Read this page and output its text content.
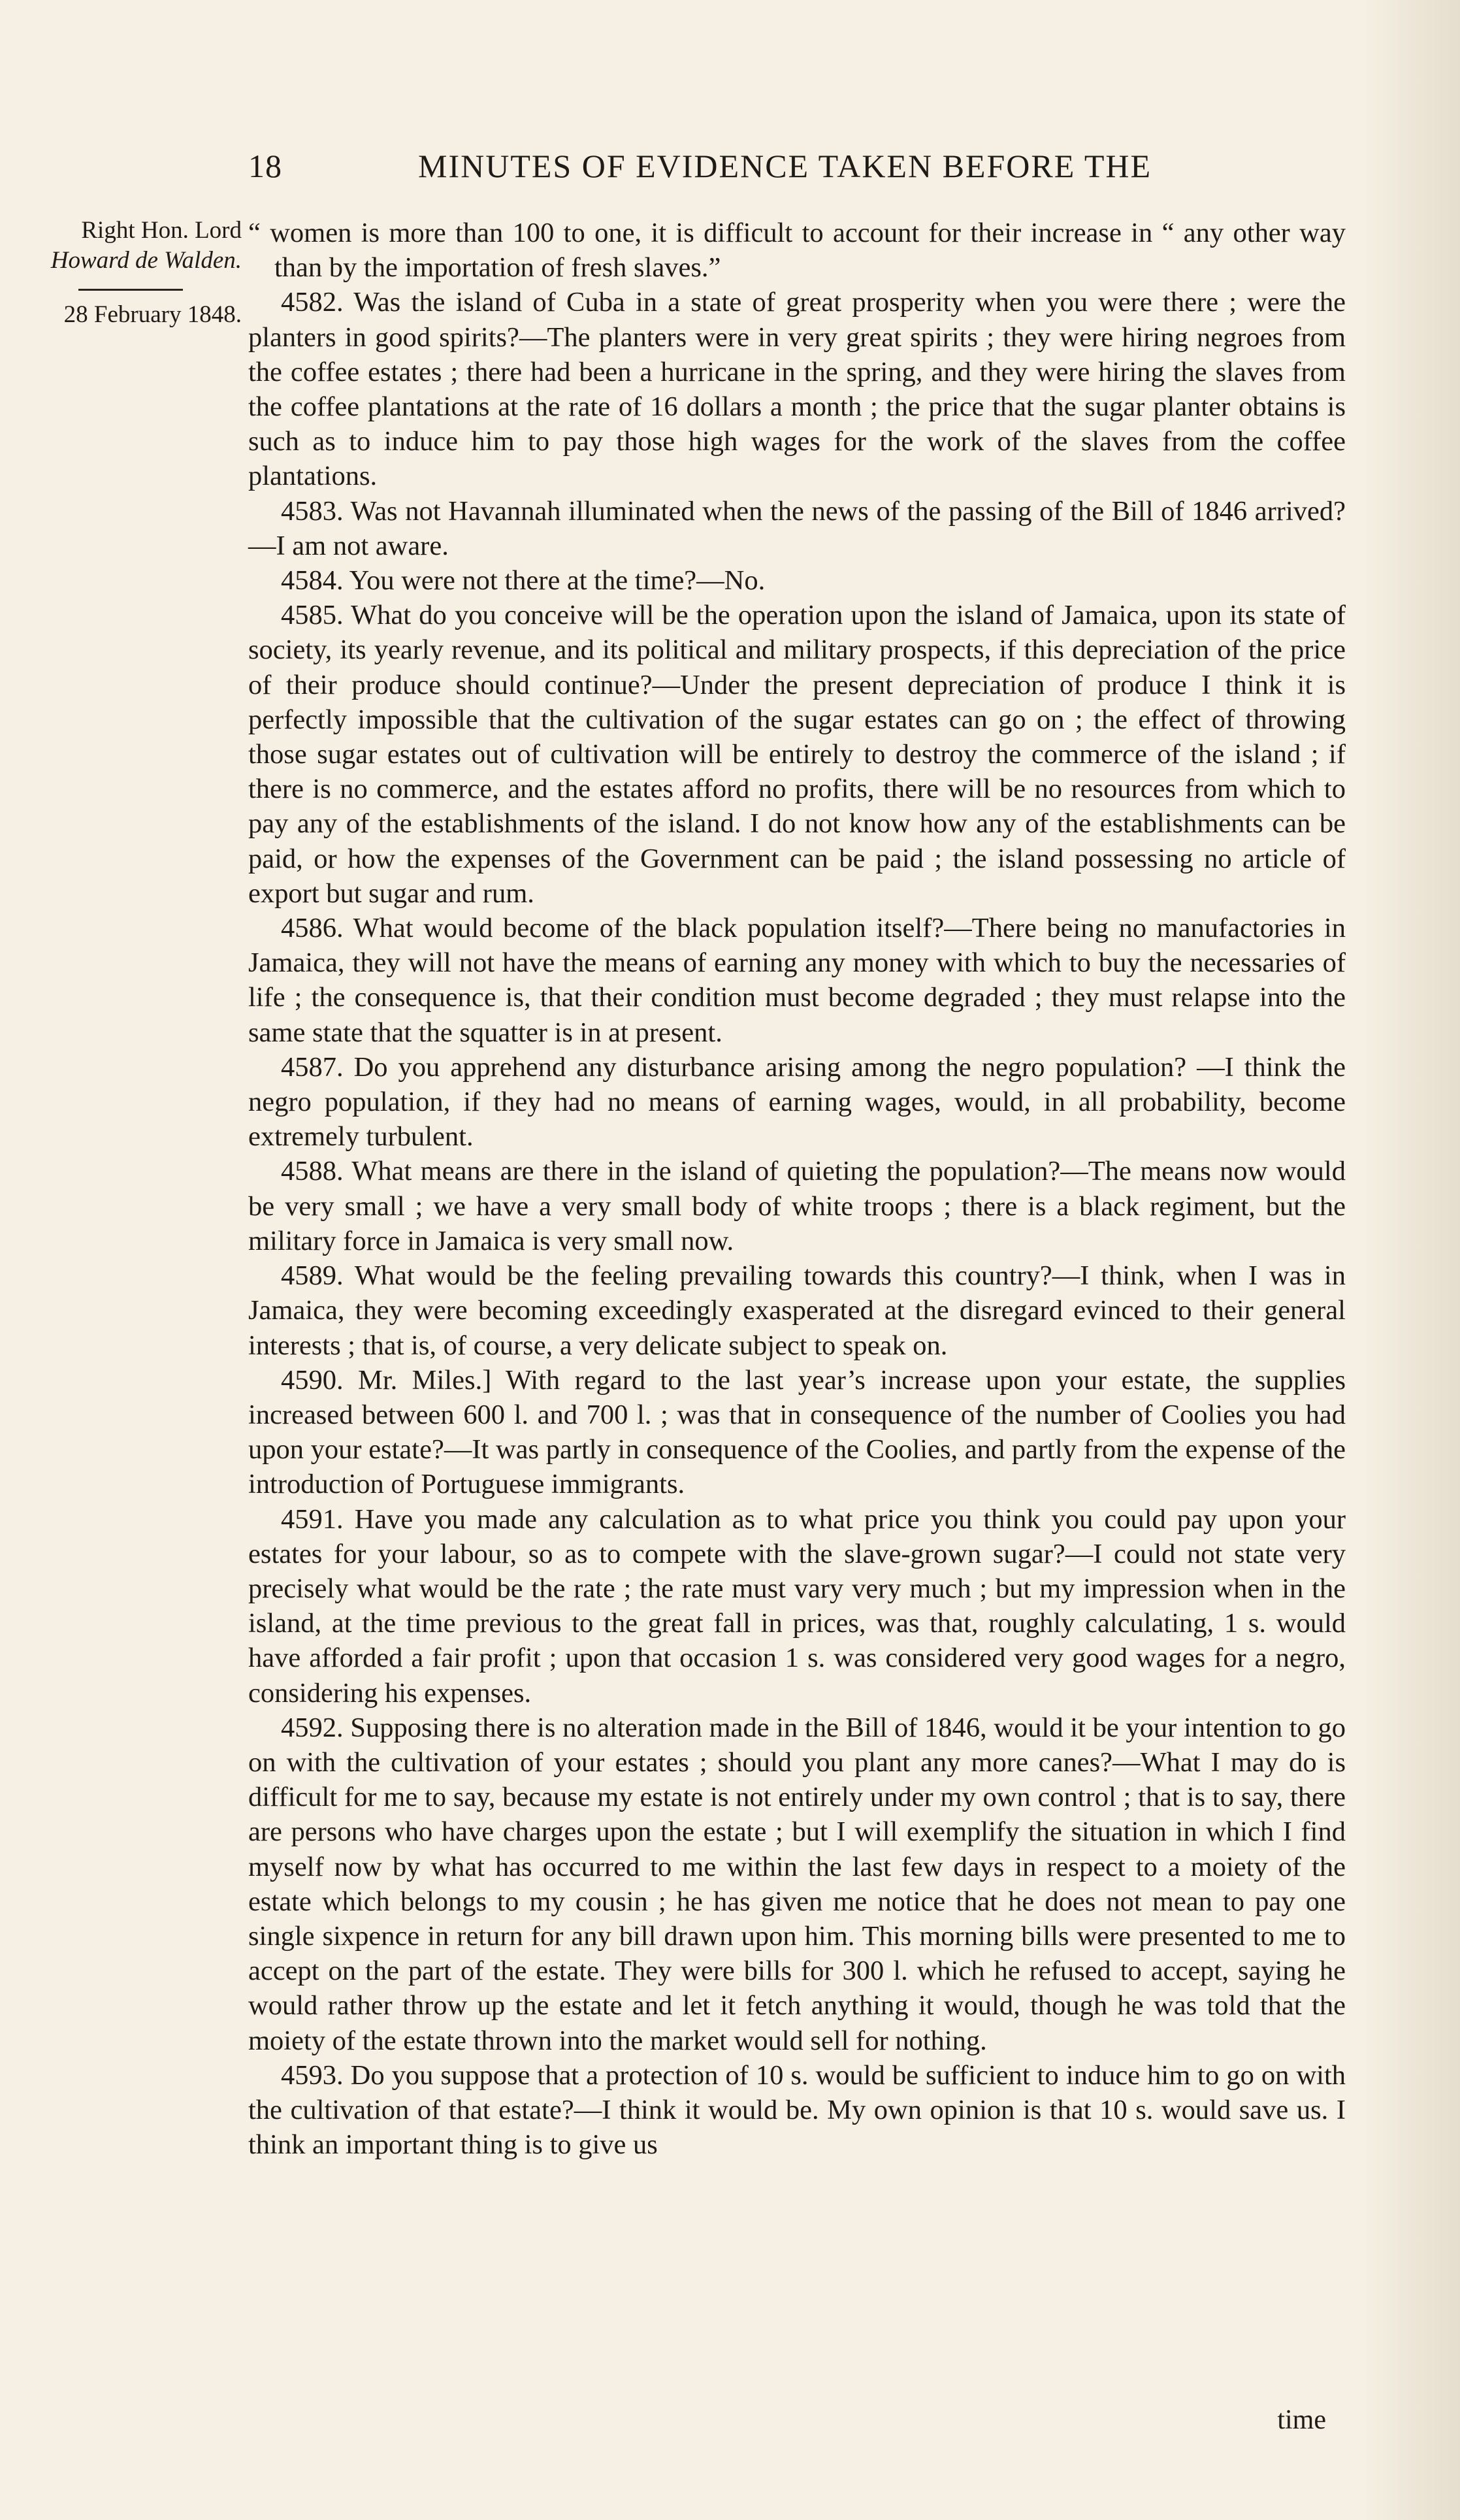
18	MINUTES OF EVIDENCE TAKEN BEFORE THE
Right Hon. Lord
Howard de Walden.
28 February 1848.

“ women is more than 100 to one, it is difficult to account for their increase in “ any other way than by the importation of fresh slaves.”

4582. Was the island of Cuba in a state of great prosperity when you were there ; were the planters in good spirits?—The planters were in very great spirits ; they were hiring negroes from the coffee estates ; there had been a hurricane in the spring, and they were hiring the slaves from the coffee plantations at the rate of 16 dollars a month ; the price that the sugar planter obtains is such as to induce him to pay those high wages for the work of the slaves from the coffee plantations.

4583. Was not Havannah illuminated when the news of the passing of the Bill of 1846 arrived?—I am not aware.

4584. You were not there at the time?—No.

4585. What do you conceive will be the operation upon the island of Jamaica, upon its state of society, its yearly revenue, and its political and military prospects, if this depreciation of the price of their produce should continue?—Under the present depreciation of produce I think it is perfectly impossible that the cultivation of the sugar estates can go on ; the effect of throwing those sugar estates out of cultivation will be entirely to destroy the commerce of the island ; if there is no commerce, and the estates afford no profits, there will be no resources from which to pay any of the establishments of the island. I do not know how any of the establishments can be paid, or how the expenses of the Government can be paid ; the island possessing no article of export but sugar and rum.

4586. What would become of the black population itself?—There being no manufactories in Jamaica, they will not have the means of earning any money with which to buy the necessaries of life ; the consequence is, that their condition must become degraded ; they must relapse into the same state that the squatter is in at present.

4587. Do you apprehend any disturbance arising among the negro population? —I think the negro population, if they had no means of earning wages, would, in all probability, become extremely turbulent.

4588. What means are there in the island of quieting the population?—The means now would be very small ; we have a very small body of white troops ; there is a black regiment, but the military force in Jamaica is very small now.

4589. What would be the feeling prevailing towards this country?—I think, when I was in Jamaica, they were becoming exceedingly exasperated at the disregard evinced to their general interests ; that is, of course, a very delicate subject to speak on.

4590. Mr. Miles.] With regard to the last year’s increase upon your estate, the supplies increased between 600 l. and 700 l. ; was that in consequence of the number of Coolies you had upon your estate?—It was partly in consequence of the Coolies, and partly from the expense of the introduction of Portuguese immigrants.

4591. Have you made any calculation as to what price you think you could pay upon your estates for your labour, so as to compete with the slave-grown sugar?—I could not state very precisely what would be the rate ; the rate must vary very much ; but my impression when in the island, at the time previous to the great fall in prices, was that, roughly calculating, 1 s. would have afforded a fair profit ; upon that occasion 1 s. was considered very good wages for a negro, considering his expenses.

4592. Supposing there is no alteration made in the Bill of 1846, would it be your intention to go on with the cultivation of your estates ; should you plant any more canes?—What I may do is difficult for me to say, because my estate is not entirely under my own control ; that is to say, there are persons who have charges upon the estate ; but I will exemplify the situation in which I find myself now by what has occurred to me within the last few days in respect to a moiety of the estate which belongs to my cousin ; he has given me notice that he does not mean to pay one single sixpence in return for any bill drawn upon him. This morning bills were presented to me to accept on the part of the estate. They were bills for 300 l. which he refused to accept, saying he would rather throw up the estate and let it fetch anything it would, though he was told that the moiety of the estate thrown into the market would sell for nothing.

4593. Do you suppose that a protection of 10 s. would be sufficient to induce him to go on with the cultivation of that estate?—I think it would be. My own opinion is that 10 s. would save us. I think an important thing is to give us

time
